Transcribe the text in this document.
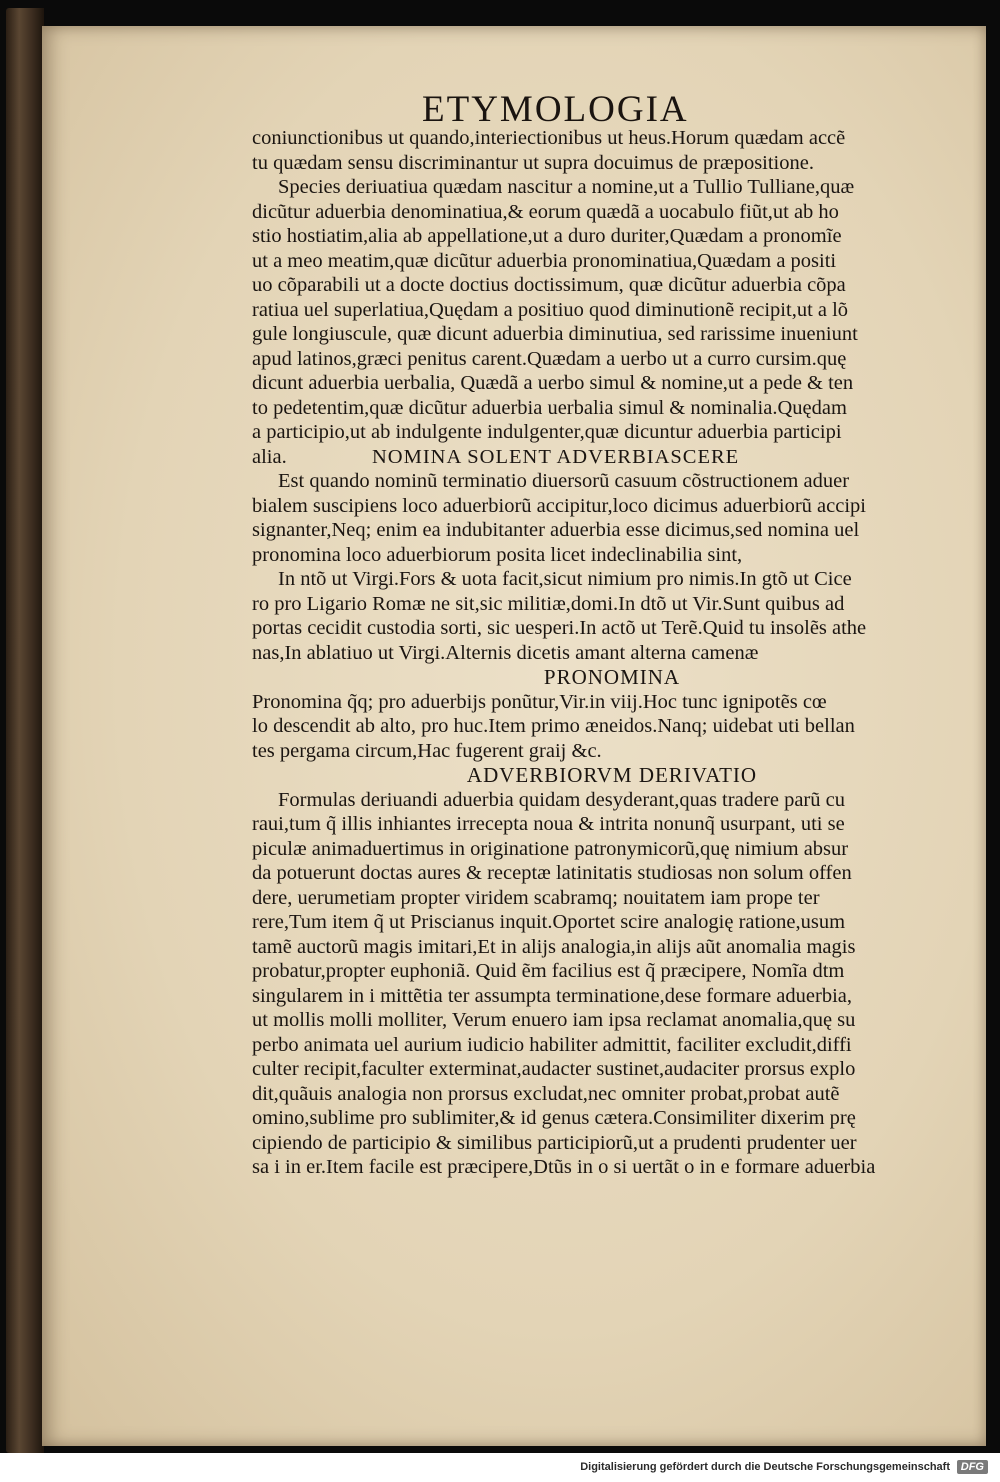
ETYMOLOGIA
coniunctionibus ut quando,interiectionibus ut heus.Horum quædam accẽ
tu quædam sensu discriminantur ut supra docuimus de præpositione.
Species deriuatiua quædam nascitur a nomine,ut a Tullio Tulliane,quæ
dicũtur aduerbia denominatiua,& eorum quædã a uocabulo fiũt,ut ab ho
stio hostiatim,alia ab appellatione,ut a duro duriter,Quædam a pronomĩe
ut a meo meatim,quæ dicũtur aduerbia pronominatiua,Quædam a positi
uo cõparabili ut a docte doctius doctissimum, quæ dicũtur aduerbia cõpa
ratiua uel superlatiua,Quędam a positiuo quod diminutionẽ recipit,ut a lõ
gule longiuscule, quæ dicunt aduerbia diminutiua, sed rarissime inueniunt
apud latinos,græci penitus carent.Quædam a uerbo ut a curro cursim.quę
dicunt aduerbia uerbalia, Quædã a uerbo simul & nomine,ut a pede & ten
to pedetentim,quæ dicũtur aduerbia uerbalia simul & nominalia.Quędam
a participio,ut ab indulgente indulgenter,quæ dicuntur aduerbia participi
alia.	NOMINA SOLENT ADVERBIASCERE
Est quando nominũ terminatio diuersorũ casuum cõstructionem aduer
bialem suscipiens loco aduerbiorũ accipitur,loco dicimus aduerbiorũ accipi
signanter,Neq; enim ea indubitanter aduerbia esse dicimus,sed nomina uel
pronomina loco aduerbiorum posita licet indeclinabilia sint,
In ntõ ut Virgi.Fors & uota facit,sicut nimium pro nimis.In gtõ ut Cice
ro pro Ligario Romæ ne sit,sic militiæ,domi.In dtõ ut Vir.Sunt quibus ad
portas cecidit custodia sorti, sic uesperi.In actõ ut Terẽ.Quid tu insolẽs athe
nas,In ablatiuo ut Virgi.Alternis dicetis amant alterna camenæ
PRONOMINA
Pronomina q̃q; pro aduerbijs ponũtur,Vir.in viij.Hoc tunc ignipotẽs cœ
lo descendit ab alto, pro huc.Item primo æneidos.Nanq; uidebat uti bellan
tes pergama circum,Hac fugerent graij &c.
ADVERBIORVM DERIVATIO
Formulas deriuandi aduerbia quidam desyderant,quas tradere parũ cu
raui,tum q̃ illis inhiantes irrecepta noua & intrita nonunq̃ usurpant, uti se
piculæ animaduertimus in originatione patronymicorũ,quę nimium absur
da potuerunt doctas aures & receptæ latinitatis studiosas non solum offen
dere, uerumetiam propter viridem scabramq; nouitatem iam prope ter
rere,Tum item q̃ ut Priscianus inquit.Oportet scire analogię ratione,usum
tamẽ auctorũ magis imitari,Et in alijs analogia,in alijs aũt anomalia magis
probatur,propter euphoniã. Quid ẽm facilius est q̃ præcipere, Nomĩa dtm
singularem in i mittẽtia ter assumpta terminatione,dese formare aduerbia,
ut mollis molli molliter, Verum enuero iam ipsa reclamat anomalia,quę su
perbo animata uel aurium iudicio habiliter admittit, faciliter excludit,diffi
culter recipit,faculter exterminat,audacter sustinet,audaciter prorsus explo
dit,quãuis analogia non prorsus excludat,nec omniter probat,probat autẽ
omino,sublime pro sublimiter,& id genus cætera.Consimiliter dixerim prę
cipiendo de participio & similibus participiorũ,ut a prudenti prudenter uer
sa i in er.Item facile est præcipere,Dtũs in o si uertãt o in e formare aduerbia
Digitalisierung gefördert durch die Deutsche Forschungsgemeinschaft DFG
